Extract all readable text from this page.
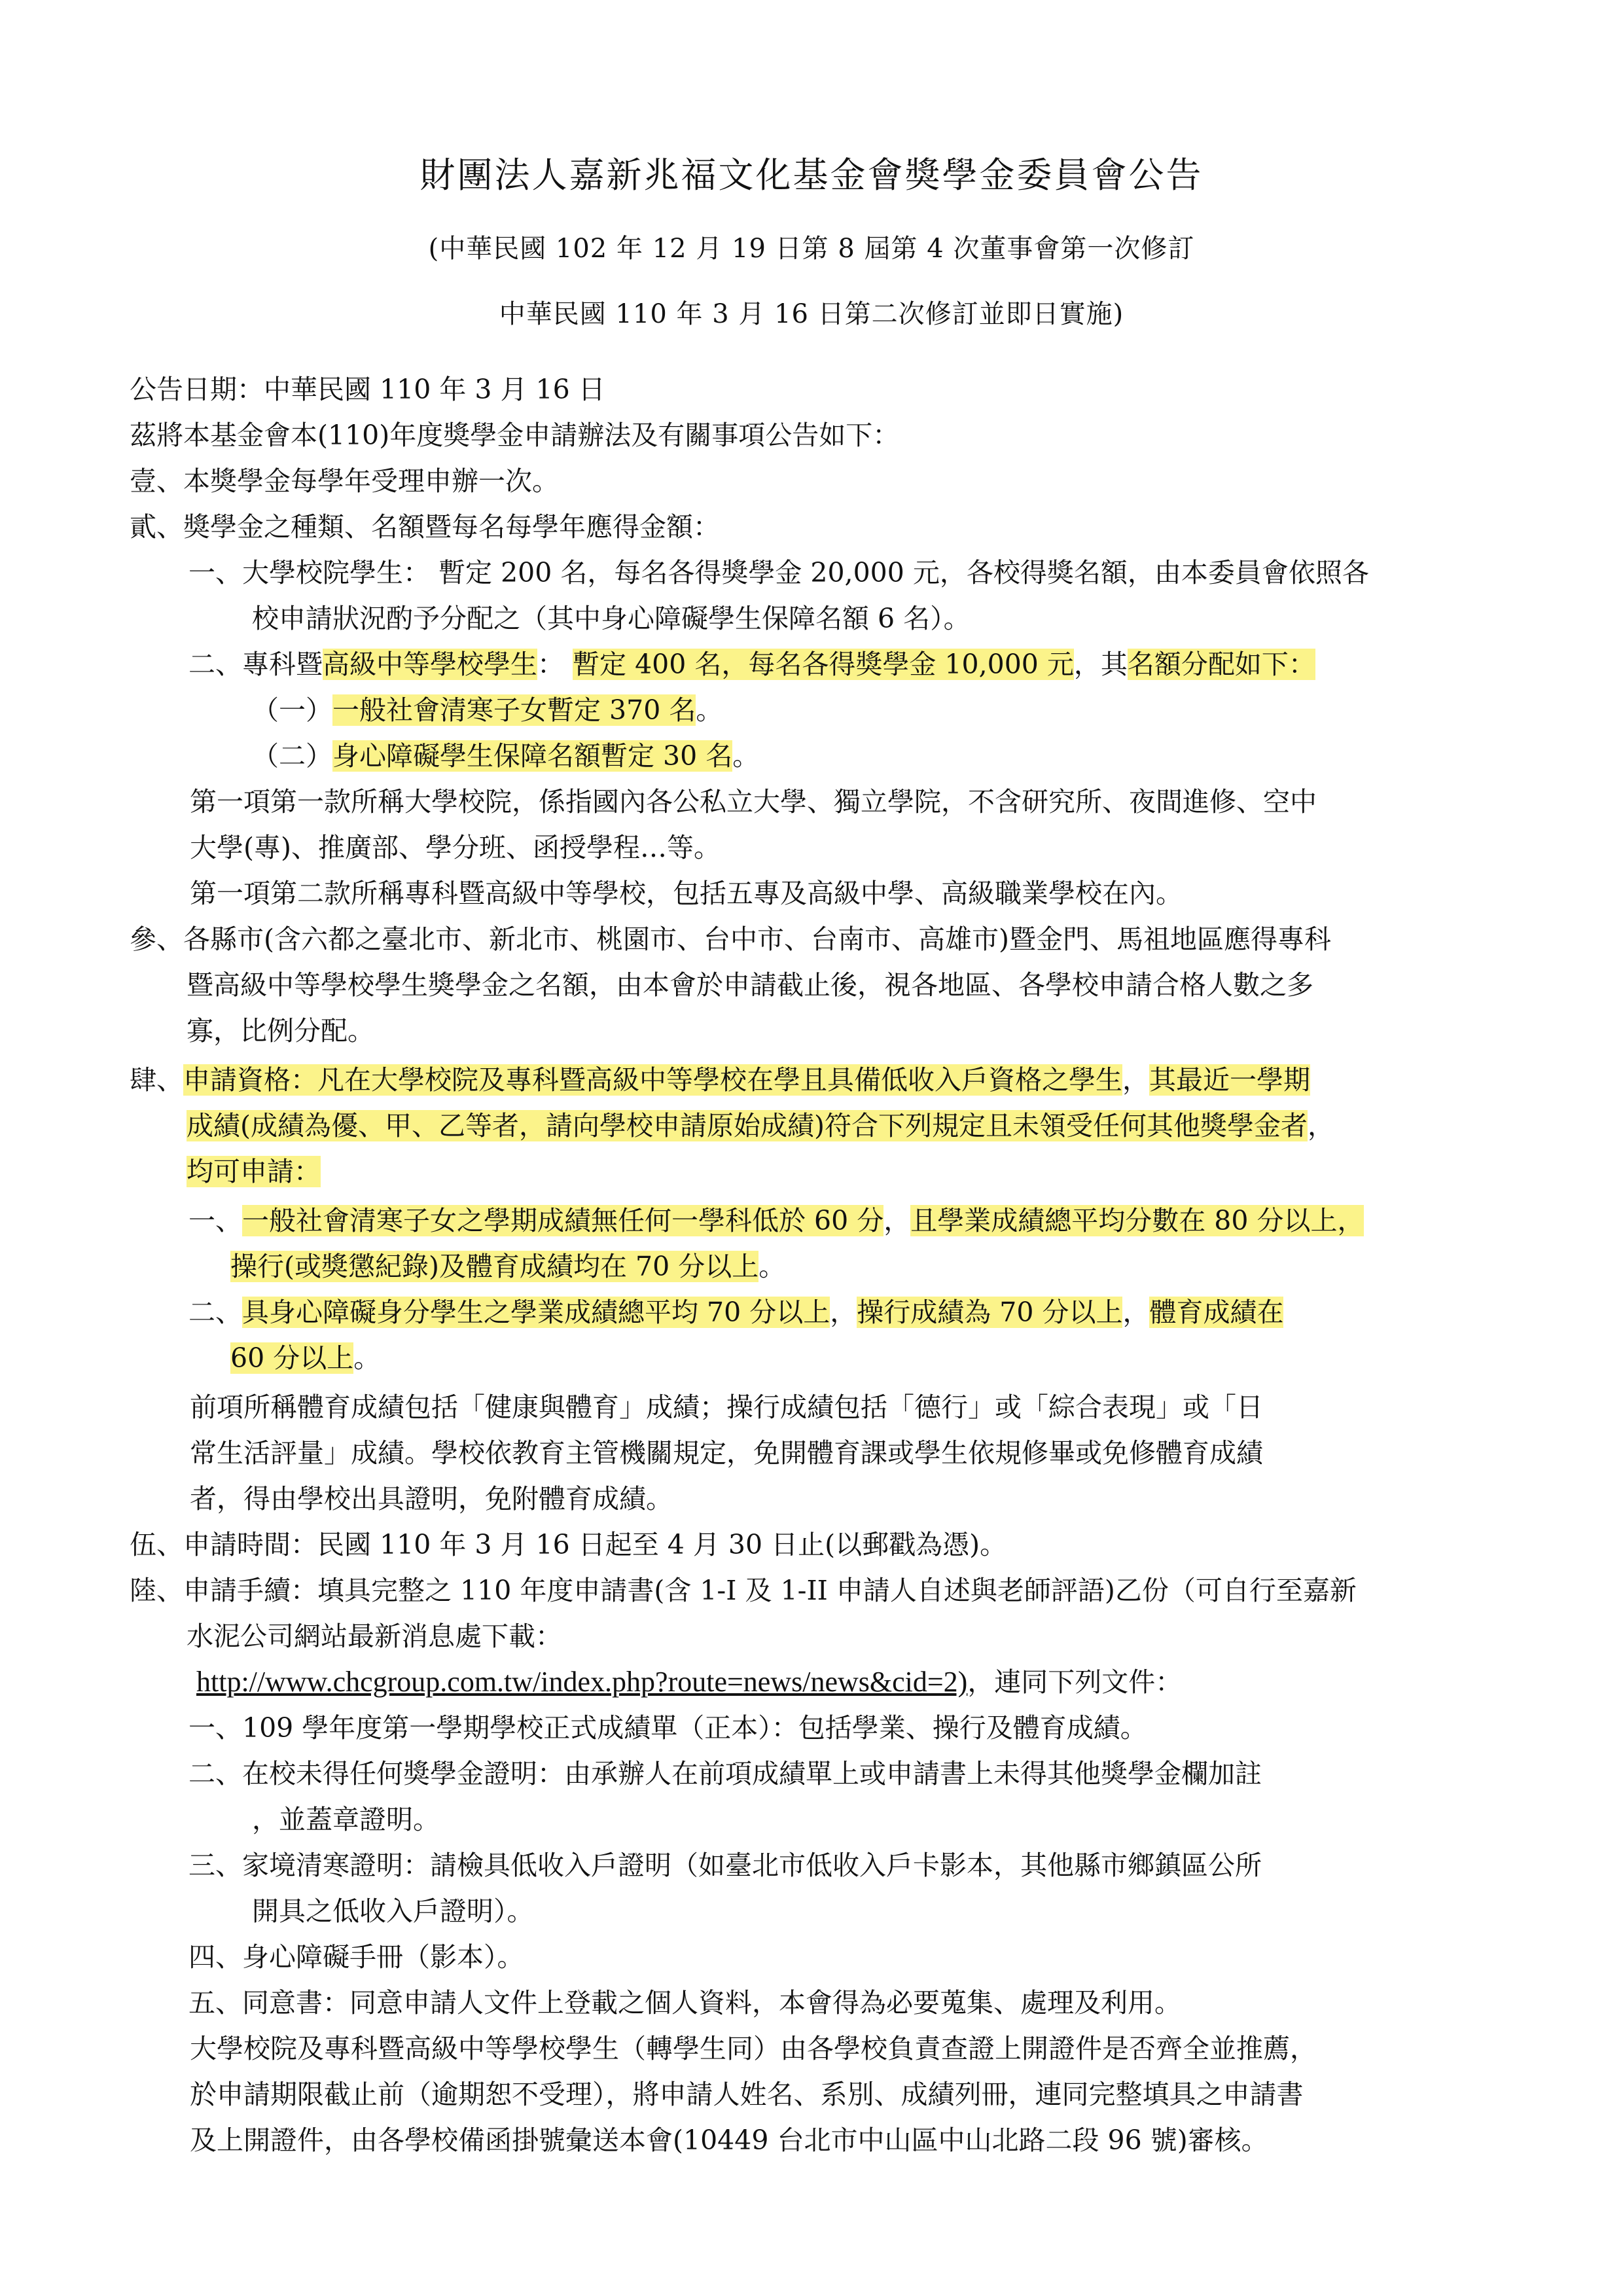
財團法人嘉新兆福文化基金會獎學金委員會公告
(中華民國 102 年 12 月 19 日第 8 屆第 4 次董事會第一次修訂
中華民國 110 年 3 月 16 日第二次修訂並即日實施)
公告日期：中華民國 110 年 3 月 16 日
茲將本基金會本(110)年度獎學金申請辦法及有關事項公告如下：
壹、本獎學金每學年受理申辦一次。
貳、獎學金之種類、名額暨每名每學年應得金額：
一、大學校院學生： 暫定 200 名，每名各得獎學金 20,000 元，各校得獎名額，由本委員會依照各
校申請狀況酌予分配之（其中身心障礙學生保障名額 6 名）。
二、專科暨高級中等學校學生： 暫定 400 名，每名各得獎學金 10,000 元，其名額分配如下：
（一）一般社會清寒子女暫定 370 名。
（二）身心障礙學生保障名額暫定 30 名。
第一項第一款所稱大學校院，係指國內各公私立大學、獨立學院，不含研究所、夜間進修、空中
大學(專)、推廣部、學分班、函授學程…等。
第一項第二款所稱專科暨高級中等學校，包括五專及高級中學、高級職業學校在內。
參、各縣市(含六都之臺北市、新北市、桃園市、台中市、台南市、高雄市)暨金門、馬祖地區應得專科
暨高級中等學校學生獎學金之名額，由本會於申請截止後，視各地區、各學校申請合格人數之多
寡，比例分配。
肆、申請資格：凡在大學校院及專科暨高級中等學校在學且具備低收入戶資格之學生，其最近一學期
成績(成績為優、甲、乙等者，請向學校申請原始成績)符合下列規定且未領受任何其他獎學金者，
均可申請：
一、一般社會清寒子女之學期成績無任何一學科低於 60 分，且學業成績總平均分數在 80 分以上，
操行(或獎懲紀錄)及體育成績均在 70 分以上。
二、具身心障礙身分學生之學業成績總平均 70 分以上，操行成績為 70 分以上，體育成績在
60 分以上。
前項所稱體育成績包括「健康與體育」成績；操行成績包括「德行」或「綜合表現」或「日
常生活評量」成績。學校依教育主管機關規定，免開體育課或學生依規修畢或免修體育成績
者，得由學校出具證明，免附體育成績。
伍、申請時間：民國 110 年 3 月 16 日起至 4 月 30 日止(以郵戳為憑)。
陸、申請手續：填具完整之 110 年度申請書(含 1-I 及 1-II 申請人自述與老師評語)乙份（可自行至嘉新
水泥公司網站最新消息處下載：
http://www.chcgroup.com.tw/index.php?route=news/news&cid=2)，連同下列文件：
一、109 學年度第一學期學校正式成績單（正本）：包括學業、操行及體育成績。
二、在校未得任何獎學金證明：由承辦人在前項成績單上或申請書上未得其他獎學金欄加註
，並蓋章證明。
三、家境清寒證明：請檢具低收入戶證明（如臺北市低收入戶卡影本，其他縣市鄉鎮區公所
開具之低收入戶證明）。
四、身心障礙手冊（影本）。
五、同意書：同意申請人文件上登載之個人資料，本會得為必要蒐集、處理及利用。
大學校院及專科暨高級中等學校學生（轉學生同）由各學校負責查證上開證件是否齊全並推薦，
於申請期限截止前（逾期恕不受理），將申請人姓名、系別、成績列冊，連同完整填具之申請書
及上開證件，由各學校備函掛號彙送本會(10449 台北市中山區中山北路二段 96 號)審核。
